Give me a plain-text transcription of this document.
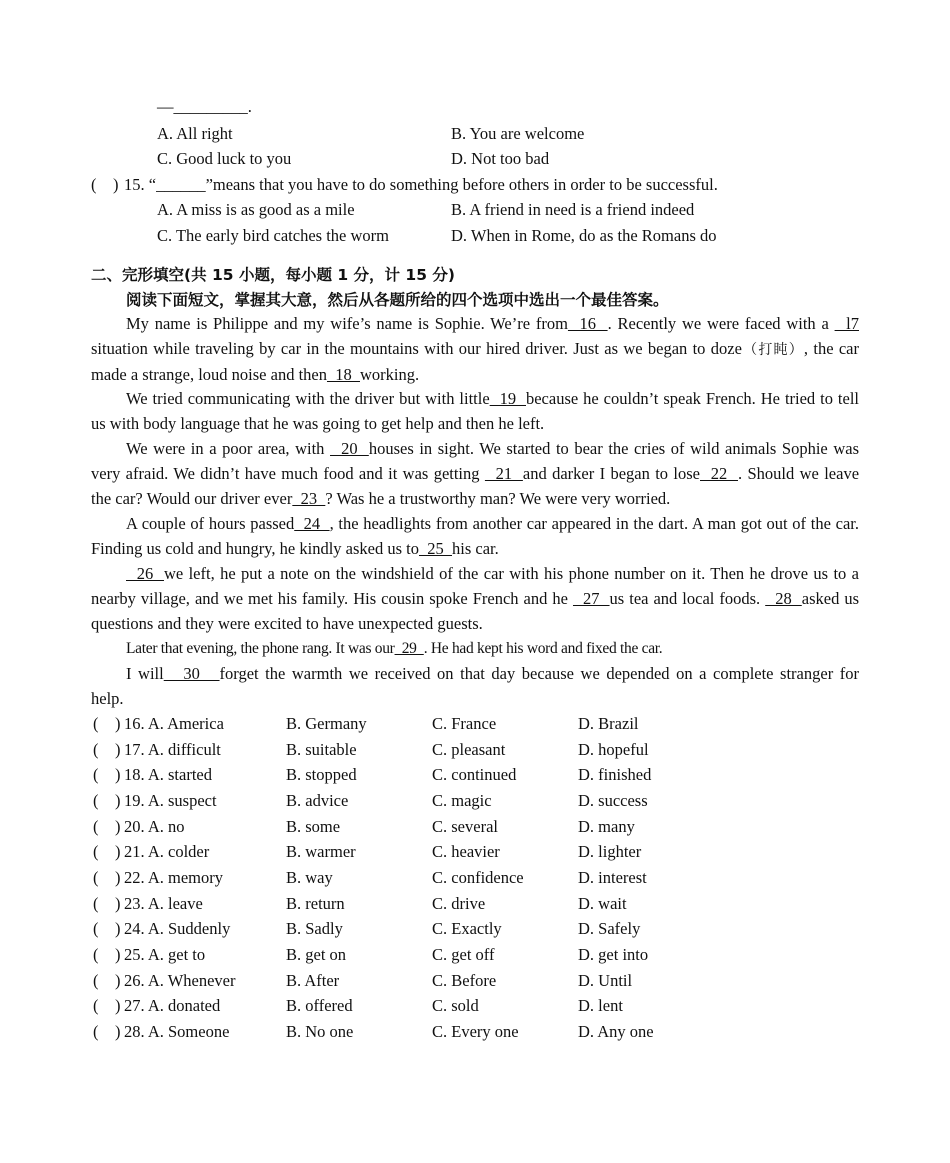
—_________.
A. All right	B. You are welcome
C. Good luck to you	D. Not too bad
(    ) 15. “______”means that you have to do something before others in order to be successful.
A. A miss is as good as a mile	B. A friend in need is a friend indeed
C. The early bird catches the worm	D. When in Rome, do as the Romans do
二、完形填空(共 15 小题，每小题 1 分，计 15 分)
阅读下面短文，掌握其大意，然后从各题所给的四个选项中选出一个最佳答案。
My name is Philippe and my wife’s name is Sophie. We’re from  16  . Recently we were faced with a   l7
situation while traveling by car in the mountains with our hired driver. Just as we began to doze（打盹）, the car
made a strange, loud noise and then  18  working.
We tried communicating with the driver but with little  19  because he couldn’t speak French. He tried to tell
us with body language that he was going to get help and then he left.
We were in a poor area, with   20  houses in sight. We started to bear the cries of wild animals Sophie was
very afraid. We didn’t have much food and it was getting   21  and darker I began to lose  22  . Should we leave
the car? Would our driver ever  23  ? Was he a trustworthy man? We were very worried.
A couple of hours passed  24  , the headlights from another car appeared in the dart. A man got out of the car.
Finding us cold and hungry, he kindly asked us to  25  his car.
26  we left, he put a note on the windshield of the car with his phone number on it. Then he drove us to a
nearby village, and we met his family. His cousin spoke French and he   27  us tea and local foods.   28  asked us
questions and they were excited to have unexpected guests.
Later that evening, the phone rang. It was our  29  . He had kept his word and fixed the car.
I will   30   forget the warmth we received on that day because we depended on a complete stranger for
help.
(    ) 16. A. America	B. Germany	C. France	D. Brazil
(    ) 17. A. difficult	B. suitable	C. pleasant	D. hopeful
(    ) 18. A. started	B. stopped	C. continued	D. finished
(    ) 19. A. suspect	B. advice	C. magic	D. success
(    ) 20. A. no	B. some	C. several	D. many
(    ) 21. A. colder	B. warmer	C. heavier	D. lighter
(    ) 22. A. memory	B. way	C. confidence	D. interest
(    ) 23. A. leave	B. return	C. drive	D. wait
(    ) 24. A. Suddenly	B. Sadly	C. Exactly	D. Safely
(    ) 25. A. get to	B. get on	C. get off	D. get into
(    ) 26. A. Whenever	B. After	C. Before	D. Until
(    ) 27. A. donated	B. offered	C. sold	D. lent
(    ) 28. A. Someone	B. No one	C. Every one	D. Any one
